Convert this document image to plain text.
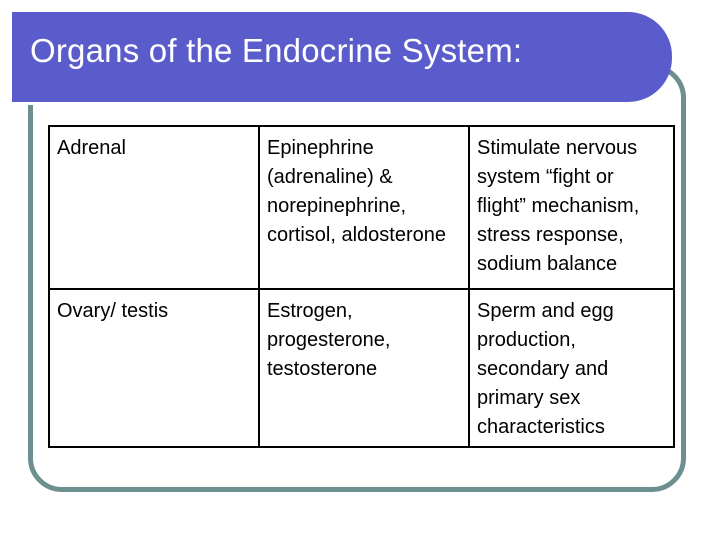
Organs of the Endocrine System:
Adrenal	Epinephrine (adrenaline) & norepinephrine, cortisol, aldosterone	Stimulate nervous system “fight or flight” mechanism, stress response, sodium balance
Ovary/ testis	Estrogen, progesterone, testosterone	Sperm and egg production, secondary and primary sex characteristics
